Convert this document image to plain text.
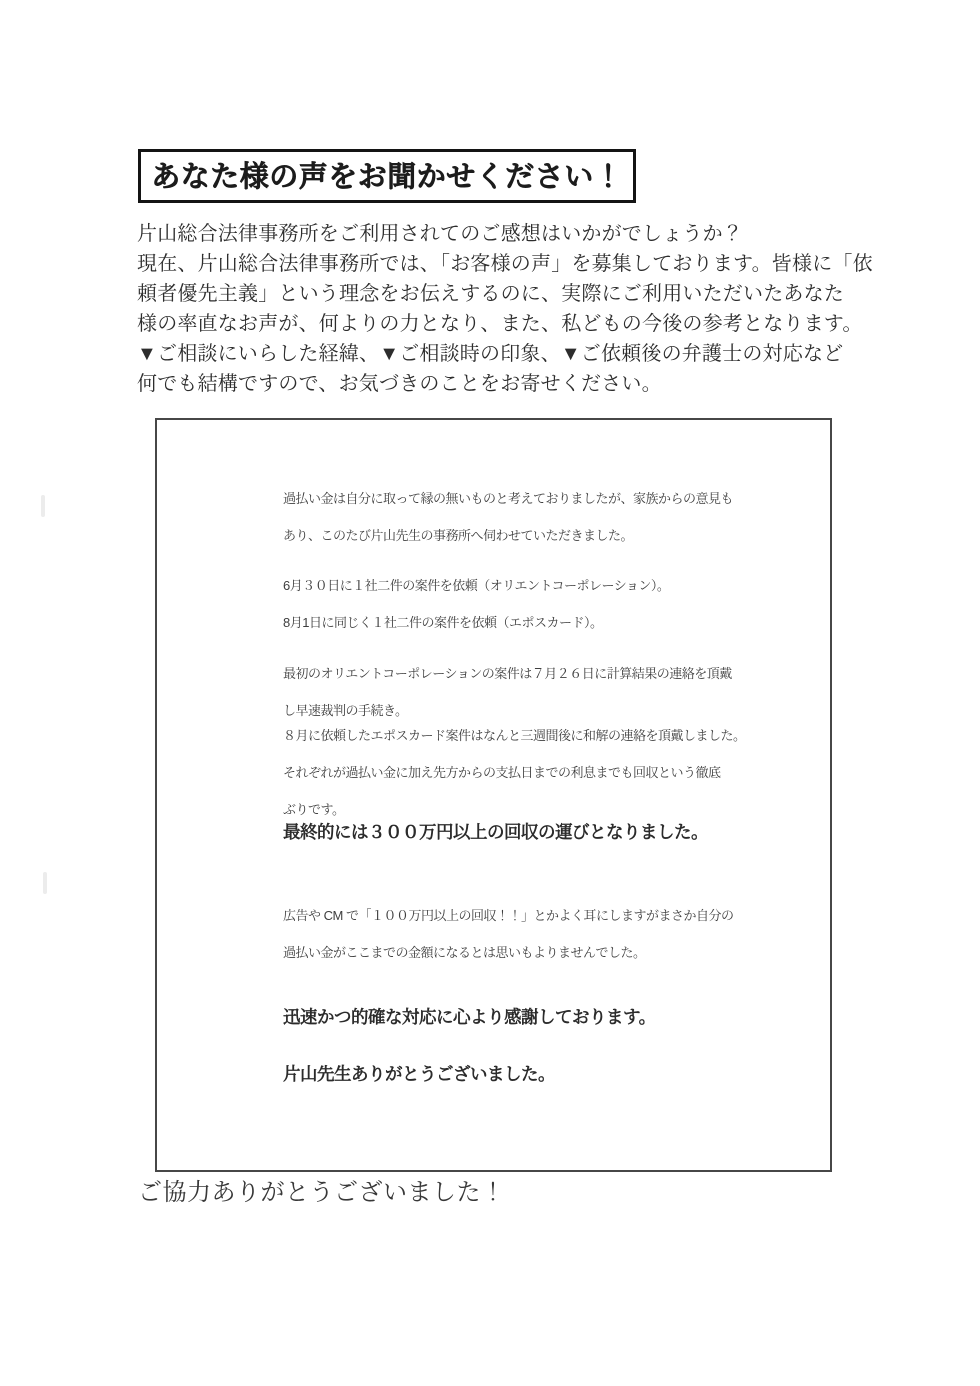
あなた様の声をお聞かせください！
片山総合法律事務所をご利用されてのご感想はいかがでしょうか？
現在、片山総合法律事務所では、「お客様の声」を募集しております。皆様に「依
頼者優先主義」という理念をお伝えするのに、実際にご利用いただいたあなた
様の率直なお声が、何よりの力となり、また、私どもの今後の参考となります。
▼ご相談にいらした経緯、▼ご相談時の印象、▼ご依頼後の弁護士の対応など
何でも結構ですので、お気づきのことをお寄せください。
過払い金は自分に取って縁の無いものと考えておりましたが、家族からの意見も
あり、このたび片山先生の事務所へ伺わせていただきました。
6月３０日に１社二件の案件を依頼（オリエントコーポレーション）。
8月1日に同じく１社二件の案件を依頼（エポスカード）。
最初のオリエントコーポレーションの案件は７月２６日に計算結果の連絡を頂戴
し早速裁判の手続き。
８月に依頼したエポスカード案件はなんと三週間後に和解の連絡を頂戴しました。
それぞれが過払い金に加え先方からの支払日までの利息までも回収という徹底
ぶりです。
最終的には３００万円以上の回収の運びとなりました。
広告や CM で「１００万円以上の回収！！」とかよく耳にしますがまさか自分の
過払い金がここまでの金額になるとは思いもよりませんでした。
迅速かつ的確な対応に心より感謝しております。
片山先生ありがとうございました。
ご協力ありがとうございました！
